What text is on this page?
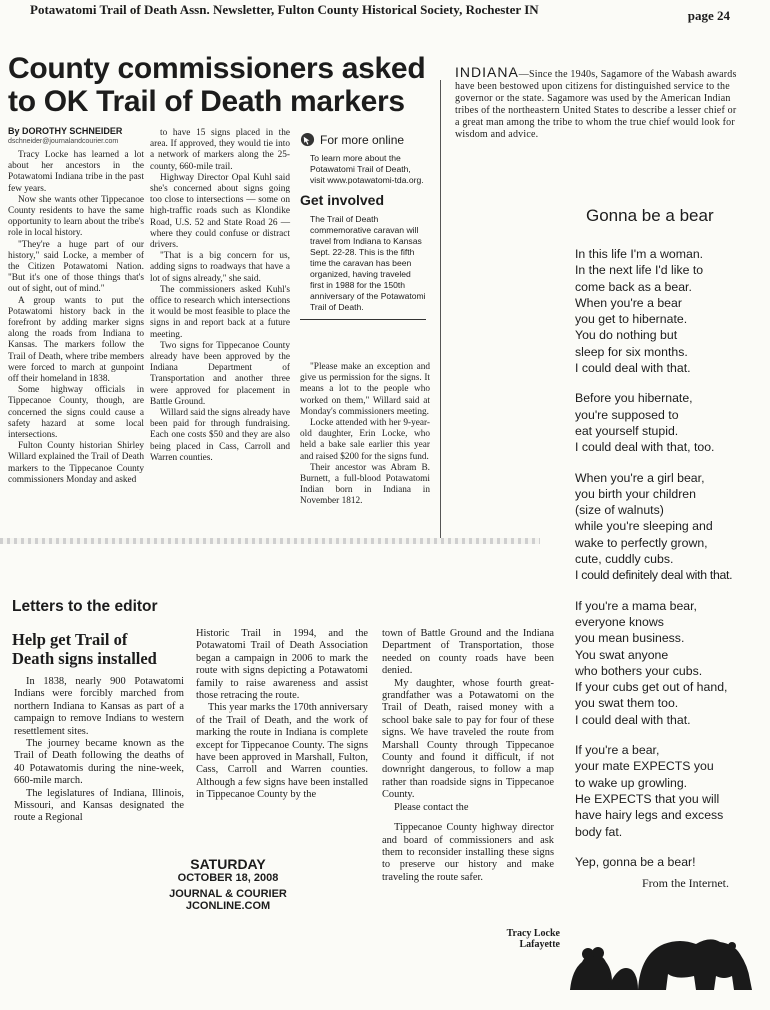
Potawatomi Trail of Death Assn. Newsletter, Fulton County Historical Society, Rochester IN	page 24
County commissioners asked
to OK Trail of Death markers
By DOROTHY SCHNEIDER
dschneider@journalandcourier.com

Tracy Locke has learned a lot about her ancestors in the Potawatomi Indiana tribe in the past few years.

Now she wants other Tippecanoe County residents to have the same opportunity to learn about the tribe's role in local history.

"They're a huge part of our history," said Locke, a member of the Citizen Potawatomi Nation. "But it's one of those things that's out of sight, out of mind."

A group wants to put the Potawatomi history back in the forefront by adding marker signs along the roads from Indiana to Kansas. The markers follow the Trail of Death, where tribe members were forced to march at gunpoint off their homeland in 1838.

Some highway officials in Tippecanoe County, though, are concerned the signs could cause a safety hazard at some local intersections.

Fulton County historian Shirley Willard explained the Trail of Death markers to the Tippecanoe County commissioners Monday and asked

to have 15 signs placed in the area. If approved, they would tie into a network of markers along the 25-county, 660-mile trail.

Highway Director Opal Kuhl said she's concerned about signs going too close to intersections — some on high-traffic roads such as Klondike Road, U.S. 52 and State Road 26 — where they could confuse or distract drivers.

"That is a big concern for us, adding signs to roadways that have a lot of signs already," she said.

The commissioners asked Kuhl's office to research which intersections it would be most feasible to place the signs in and report back at a future meeting.

Two signs for Tippecanoe County already have been approved by the Indiana Department of Transportation and another three were approved for placement in Battle Ground.

Willard said the signs already have been paid for through fundraising. Each one costs $50 and they are also being placed in Cass, Carroll and Warren counties.

For more online
To learn more about the Potawatomi Trail of Death, visit www.potawatomi-tda.org.
Get involved
The Trail of Death commemorative caravan will travel from Indiana to Kansas Sept. 22-28. This is the fifth time the caravan has been organized, having traveled first in 1988 for the 150th anniversary of the Potawatomi Trail of Death.

"Please make an exception and give us permission for the signs. It means a lot to the people who worked on them," Willard said at Monday's commissioners meeting.

Locke attended with her 9-year-old daughter, Erin Locke, who held a bake sale earlier this year and raised $200 for the signs fund.

Their ancestor was Abram B. Burnett, a full-blood Potawatomi Indian born in Indiana in November 1812.

INDIANA—Since the 1940s, Sagamore of the Wabash awards have been bestowed upon citizens for distinguished service to the governor or the state. Sagamore was used by the American Indian tribes of the northeastern United States to describe a lesser chief or a great man among the tribe to whom the true chief would look for wisdom and advice.
Gonna be a bear
In this life I'm a woman.
In the next life I'd like to
come back as a bear.
When you're a bear
you get to hibernate.
You do nothing but
sleep for six months.
I could deal with that.
Before you hibernate,
you're supposed to
eat yourself stupid.
I could deal with that, too.
When you're a girl bear,
you birth your children
(size of walnuts)
while you're sleeping and
wake to perfectly grown,
cute, cuddly cubs.
I could definitely deal with that.
If you're a mama bear,
everyone knows
you mean business.
You swat anyone
who bothers your cubs.
If your cubs get out of hand,
you swat them too.
I could deal with that.
If you're a bear,
your mate EXPECTS you
to wake up growling.
He EXPECTS that you will
have hairy legs and excess
body fat.
Yep, gonna be a bear!
From the Internet.
Letters to the editor
Help get Trail of
Death signs installed

In 1838, nearly 900 Potawatomi Indians were forcibly marched from northern Indiana to Kansas as part of a campaign to remove Indians to western resettlement sites.

The journey became known as the Trail of Death following the deaths of 40 Potawatomis during the nine-week, 660-mile march.

The legislatures of Indiana, Illinois, Missouri, and Kansas designated the route a Regional

Historic Trail in 1994, and the Potawatomi Trail of Death Association began a campaign in 2006 to mark the route with signs depicting a Potawatomi family to raise awareness and assist those retracing the route.

This year marks the 170th anniversary of the Trail of Death, and the work of marking the route in Indiana is complete except for Tippecanoe County. The signs have been approved in Marshall, Fulton, Cass, Carroll and Warren counties. Although a few signs have been installed in Tippecanoe County by the

town of Battle Ground and the Indiana Department of Transportation, those needed on county roads have been denied.

My daughter, whose fourth great-grandfather was a Potawatomi on the Trail of Death, raised money with a school bake sale to pay for four of these signs. We have traveled the route from Marshall County through Tippecanoe County and found it difficult, if not downright dangerous, to follow a map rather than roadside signs in Tippecanoe County.

Please contact the

Tippecanoe County highway director and board of commissioners and ask them to reconsider installing these signs to preserve our history and make traveling the route safer.

SATURDAY
OCTOBER 18, 2008
JOURNAL & COURIER
JCONLINE.COM
Tracy Locke
Lafayette
